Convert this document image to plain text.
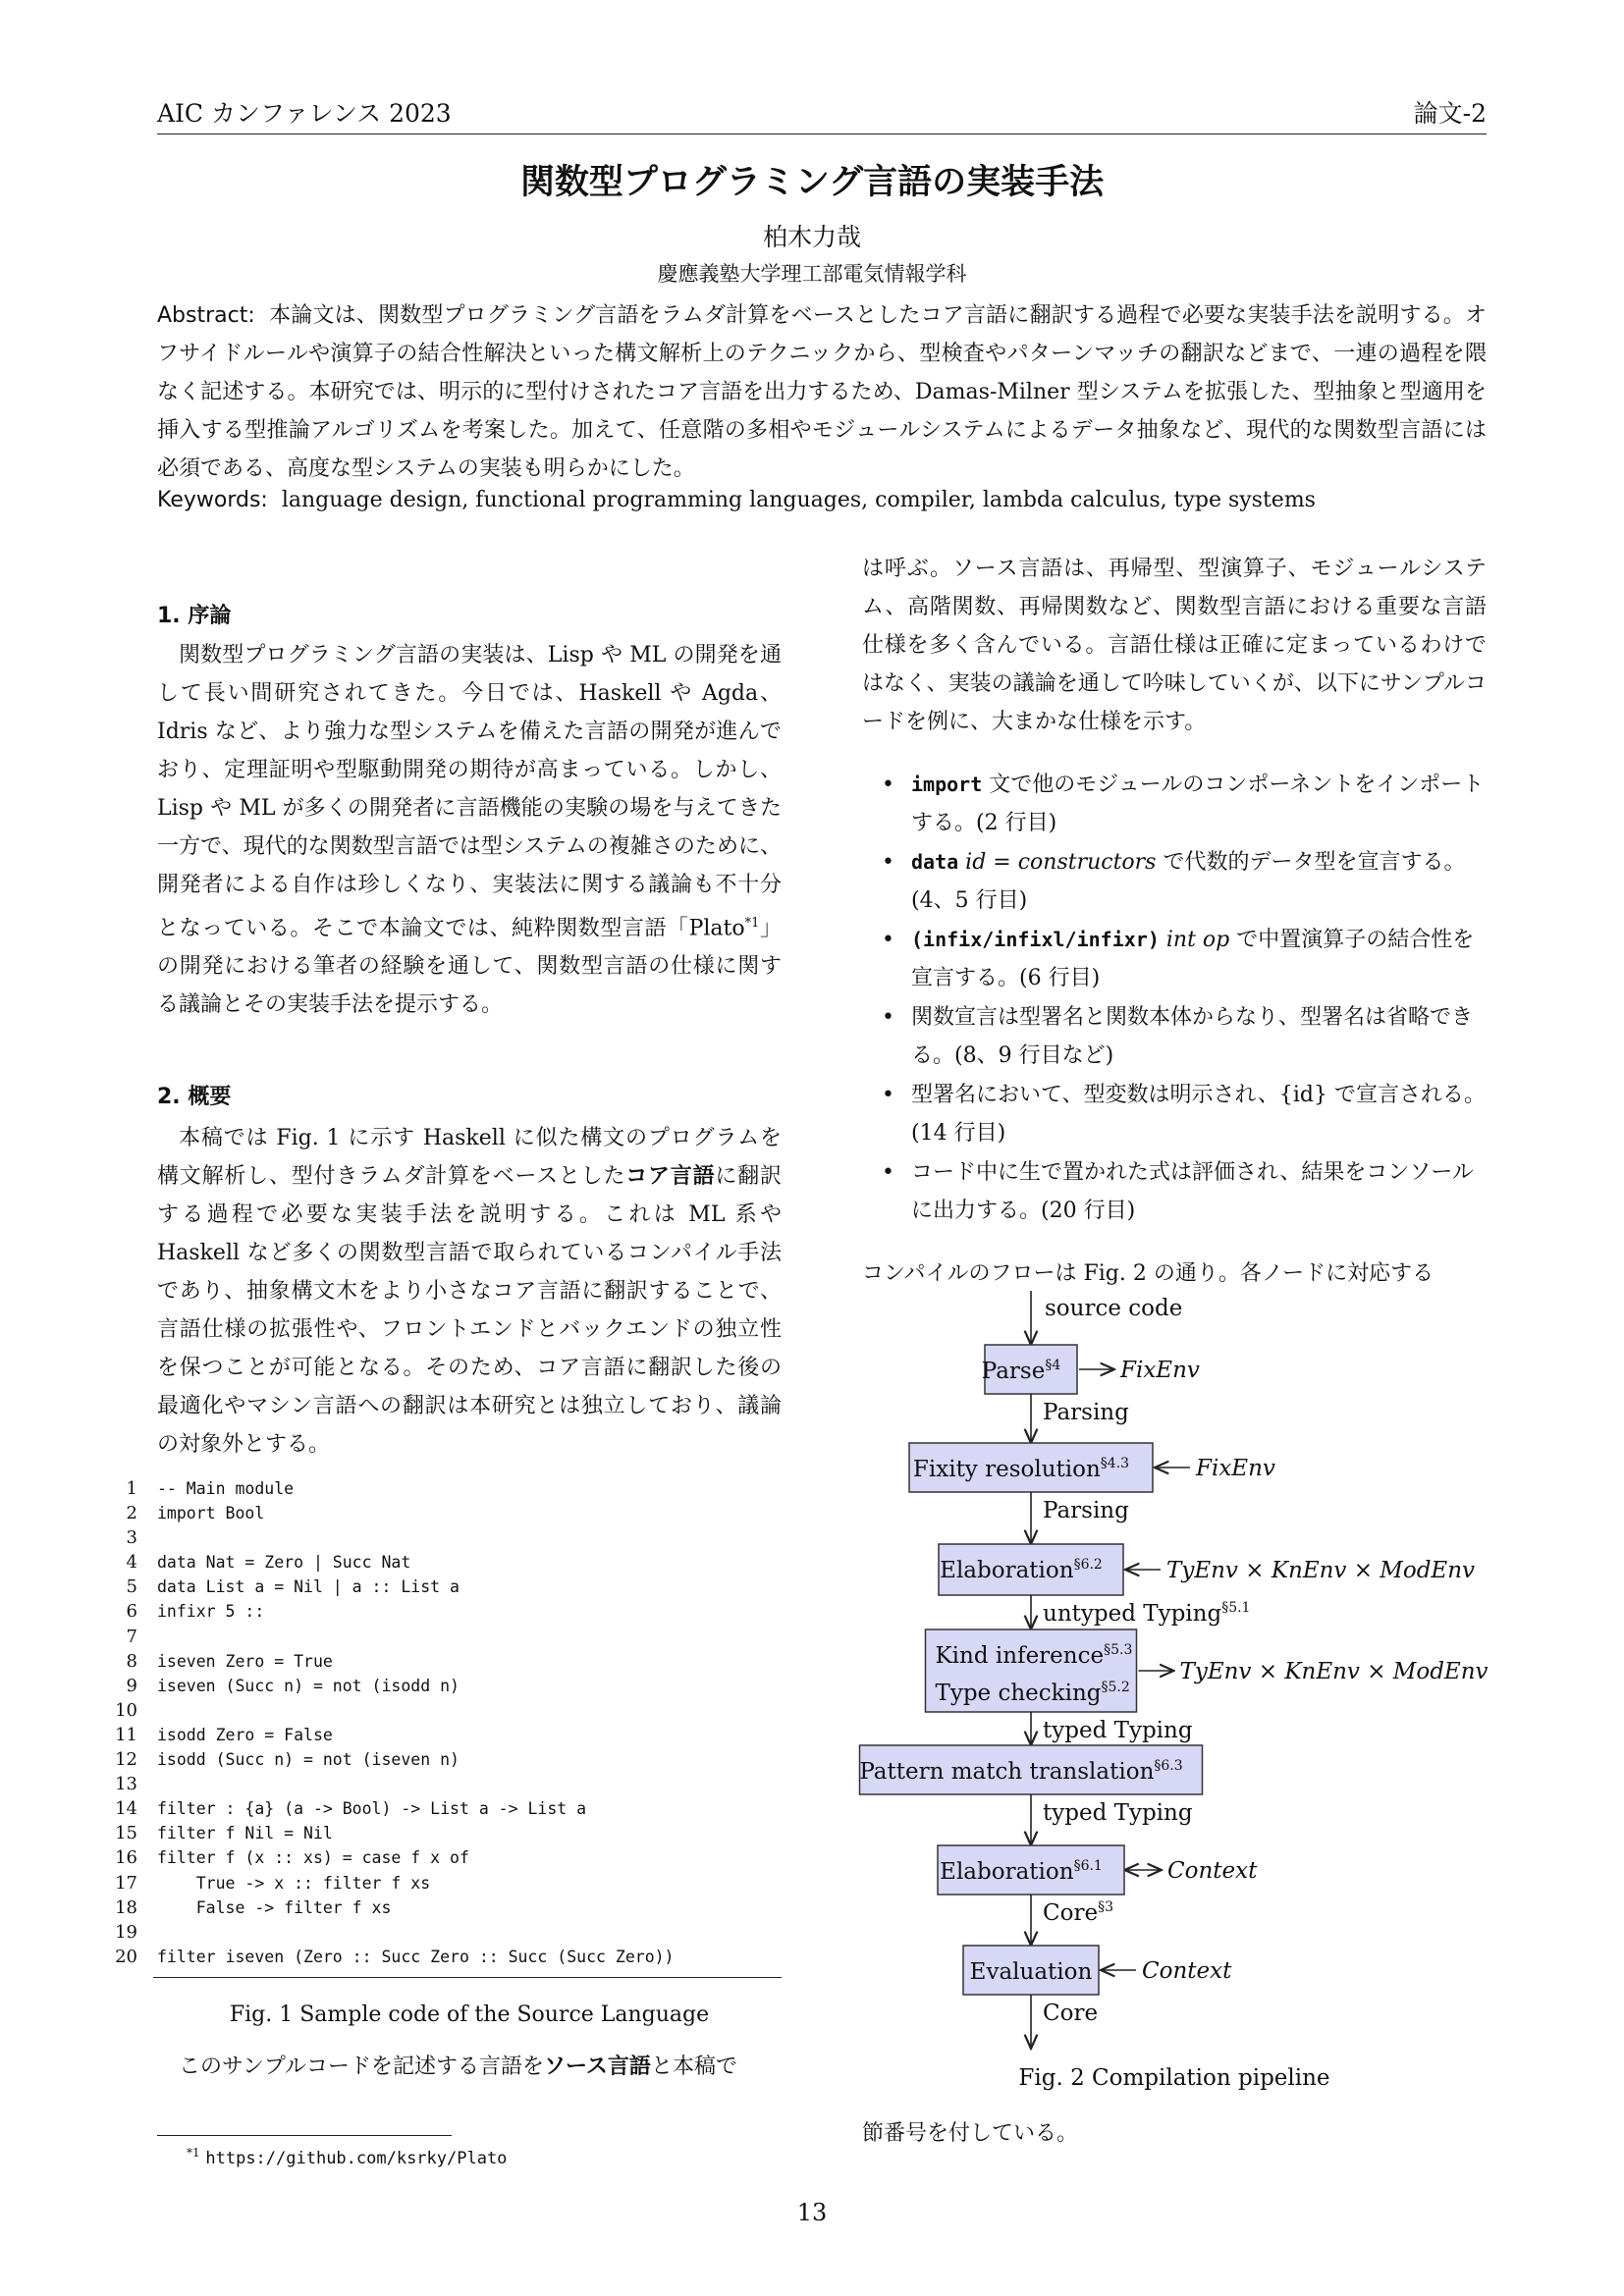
AIC カンファレンス 2023	論文-2
関数型プログラミング言語の実装手法
柏木力哉
慶應義塾大学理工部電気情報学科
Abstract: 本論文は、関数型プログラミング言語をラムダ計算をベースとしたコア言語に翻訳する過程で必要な実装手法を説明する。オフサイドルールや演算子の結合性解決といった構文解析上のテクニックから、型検査やパターンマッチの翻訳などまで、一連の過程を隈なく記述する。本研究では、明示的に型付けされたコア言語を出力するため、Damas-Milner 型システムを拡張した、型抽象と型適用を挿入する型推論アルゴリズムを考案した。加えて、任意階の多相やモジュールシステムによるデータ抽象など、現代的な関数型言語には必須である、高度な型システムの実装も明らかにした。
Keywords: language design, functional programming languages, compiler, lambda calculus, type systems
1. 序論
関数型プログラミング言語の実装は、Lisp や ML の開発を通して長い間研究されてきた。今日では、Haskell や Agda、Idris など、より強力な型システムを備えた言語の開発が進んでおり、定理証明や型駆動開発の期待が高まっている。しかし、Lisp や ML が多くの開発者に言語機能の実験の場を与えてきた一方で、現代的な関数型言語では型システムの複雑さのために、開発者による自作は珍しくなり、実装法に関する議論も不十分となっている。そこで本論文では、純粋関数型言語「Plato$^{*1}$」の開発における筆者の経験を通して、関数型言語の仕様に関する議論とその実装手法を提示する。
2. 概要
本稿では Fig. 1 に示す Haskell に似た構文のプログラムを構文解析し、型付きラムダ計算をベースとしたコア言語に翻訳する過程で必要な実装手法を説明する。これは ML 系や Haskell など多くの関数型言語で取られているコンパイル手法であり、抽象構文木をより小さなコア言語に翻訳することで、言語仕様の拡張性や、フロントエンドとバックエンドの独立性を保つことが可能となる。そのため、コア言語に翻訳した後の最適化やマシン言語への翻訳は本研究とは独立しており、議論の対象外とする。
1 -- Main module
2 import Bool
3
4 data Nat = Zero | Succ Nat
5 data List a = Nil | a :: List a
6 infixr 5 ::
7
8 iseven Zero = True
9 iseven (Succ n) = not (isodd n)
10
11 isodd Zero = False
12 isodd (Succ n) = not (iseven n)
13
14 filter : {a} (a -> Bool) -> List a -> List a
15 filter f Nil = Nil
16 filter f (x :: xs) = case f x of
17 True -> x :: filter f xs
18 False -> filter f xs
19
20 filter iseven (Zero :: Succ Zero :: Succ (Succ Zero))
Fig. 1 Sample code of the Source Language
このサンプルコードを記述する言語をソース言語と本稿で
$^{*1}$ https://github.com/ksrky/Plato
は呼ぶ。ソース言語は、再帰型、型演算子、モジュールシステム、高階関数、再帰関数など、関数型言語における重要な言語仕様を多く含んでいる。言語仕様は正確に定まっているわけではなく、実装の議論を通して吟味していくが、以下にサンプルコードを例に、大まかな仕様を示す。
• import 文で他のモジュールのコンポーネントをインポートする。(2 行目)
• data id = constructors で代数的データ型を宣言する。(4、5 行目)
• (infix/infixl/infixr) int op で中置演算子の結合性を宣言する。(6 行目)
• 関数宣言は型署名と関数本体からなり、型署名は省略できる。(8、9 行目など)
• 型署名において、型変数は明示され、{id} で宣言される。(14 行目)
• コード中に生で置かれた式は評価され、結果をコンソールに出力する。(20 行目)
コンパイルのフローは Fig. 2 の通り。各ノードに対応する
source code
Parse$^{\S 4}$	FixEnv
Parsing
Fixity resolution$^{\S 4.3}$	FixEnv
Parsing
Elaboration$^{\S 6.2}$	TyEnv × KnEnv × ModEnv
untyped Typing$^{\S 5.1}$
Kind inference$^{\S 5.3}$
Type checking$^{\S 5.2}$
TyEnv × KnEnv × ModEnv
typed Typing
Pattern match translation$^{\S 6.3}$
typed Typing
Elaboration$^{\S 6.1}$	Context
Core$^{\S 3}$
Evaluation Context
Core
Fig. 2 Compilation pipeline
節番号を付している。
13
